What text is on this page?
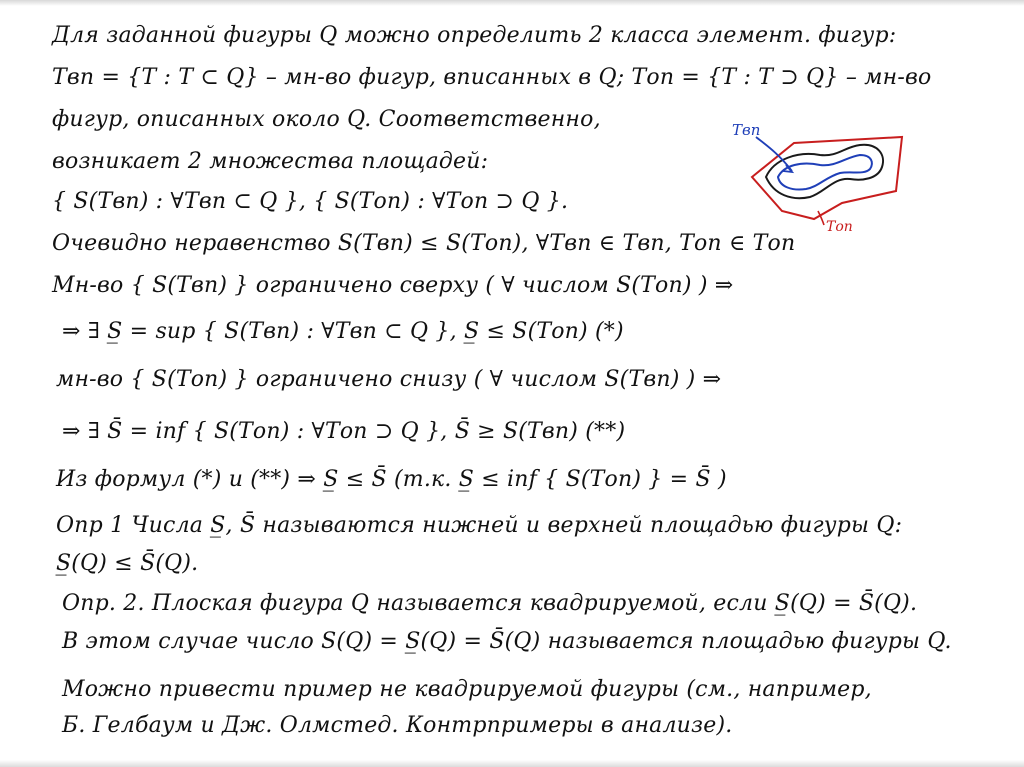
Для заданной фигуры Q можно определить 2 класса элемент. фигур:
Tвп = {T : T ⊂ Q} – мн-во фигур, вписанных в Q; Tоп = {T : T ⊃ Q} – мн-во
фигур, описанных около Q. Соответственно,
возникает 2 множества площадей:
{ S(Tвп) : ∀Tвп ⊂ Q }, { S(Tоп) : ∀Tоп ⊃ Q }.
Очевидно неравенство S(Tвп) ≤ S(Tоп), ∀Tвп ∈ Tвп, Tоп ∈ Tоп
Мн-во { S(Tвп) } ограничено сверху ( ∀ числом S(Tоп) ) ⇒
⇒ ∃ S̲ = sup { S(Tвп) : ∀Tвп ⊂ Q }, S̲ ≤ S(Tоп) (*)
мн-во { S(Tоп) } ограничено снизу ( ∀ числом S(Tвп) ) ⇒
⇒ ∃ S̄ = inf { S(Tоп) : ∀Tоп ⊃ Q }, S̄ ≥ S(Tвп) (**)
Из формул (*) и (**) ⇒ S̲ ≤ S̄ (т.к. S̲ ≤ inf { S(Tоп) } = S̄ )
Опр 1 Числа S̲, S̄ называются нижней и верхней площадью фигуры Q:
S̲(Q) ≤ S̄(Q).
Опр. 2. Плоская фигура Q называется квадрируемой, если S̲(Q) = S̄(Q).
В этом случае число S(Q) = S̲(Q) = S̄(Q) называется площадью фигуры Q.
Можно привести пример не квадрируемой фигуры (см., например,
Б. Гелбаум и Дж. Олмстед. Контрпримеры в анализе).
Tвп
Tоп
